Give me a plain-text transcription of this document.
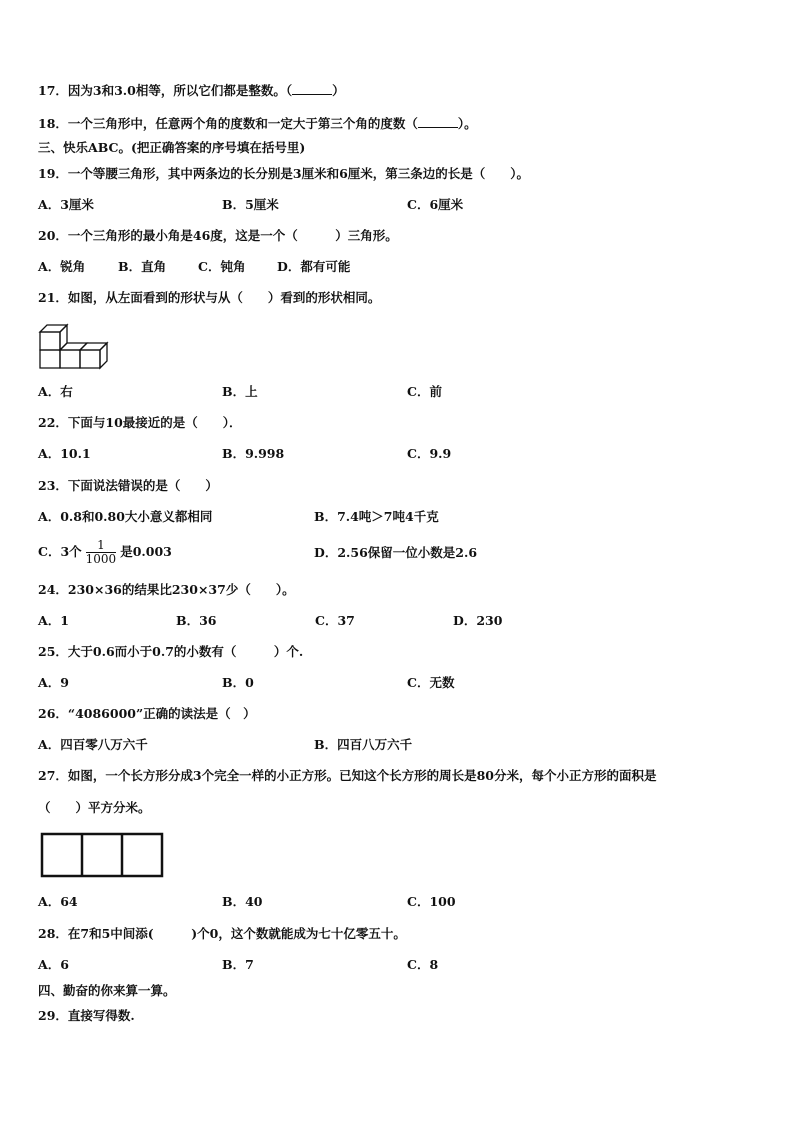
17．因为3和3.0相等，所以它们都是整数。（	）
18．一个三角形中，任意两个角的度数和一定大于第三个角的度数（	）。
三、快乐ABC。(把正确答案的序号填在括号里)
19．一个等腰三角形，其中两条边的长分别是3厘米和6厘米，第三条边的长是（　　）。
A．3厘米	B．5厘米	C．6厘米
20．一个三角形的最小角是46度，这是一个（　　　）三角形。
A．锐角	B．直角	C．钝角	D．都有可能
21．如图，从左面看到的形状与从（　　）看到的形状相同。
A．右	B．上	C．前
22．下面与10最接近的是（　　）．
A．10.1	B．9.998	C．9.9
23．下面说法错误的是（　　）
A．0.8和0.80大小意义都相同	B．7.4吨＞7吨4千克
C．3个 $\frac{1}{1000}$ 是0.003	D．2.56保留一位小数是2.6
24．230×36的结果比230×37少（　　）。
A．1	B．36	C．37	D．230
25．大于0.6而小于0.7的小数有（　　　）个.
A．9	B．0	C．无数
26．“4086000”正确的读法是（　）
A．四百零八万六千	B．四百八万六千
27．如图，一个长方形分成3个完全一样的小正方形。已知这个长方形的周长是80分米，每个小正方形的面积是
（　　）平方分米。
A．64	B．40	C．100
28．在7和5中间添(　　　)个0，这个数就能成为七十亿零五十。
A．6	B．7	C．8
四、勤奋的你来算一算。
29．直接写得数.
